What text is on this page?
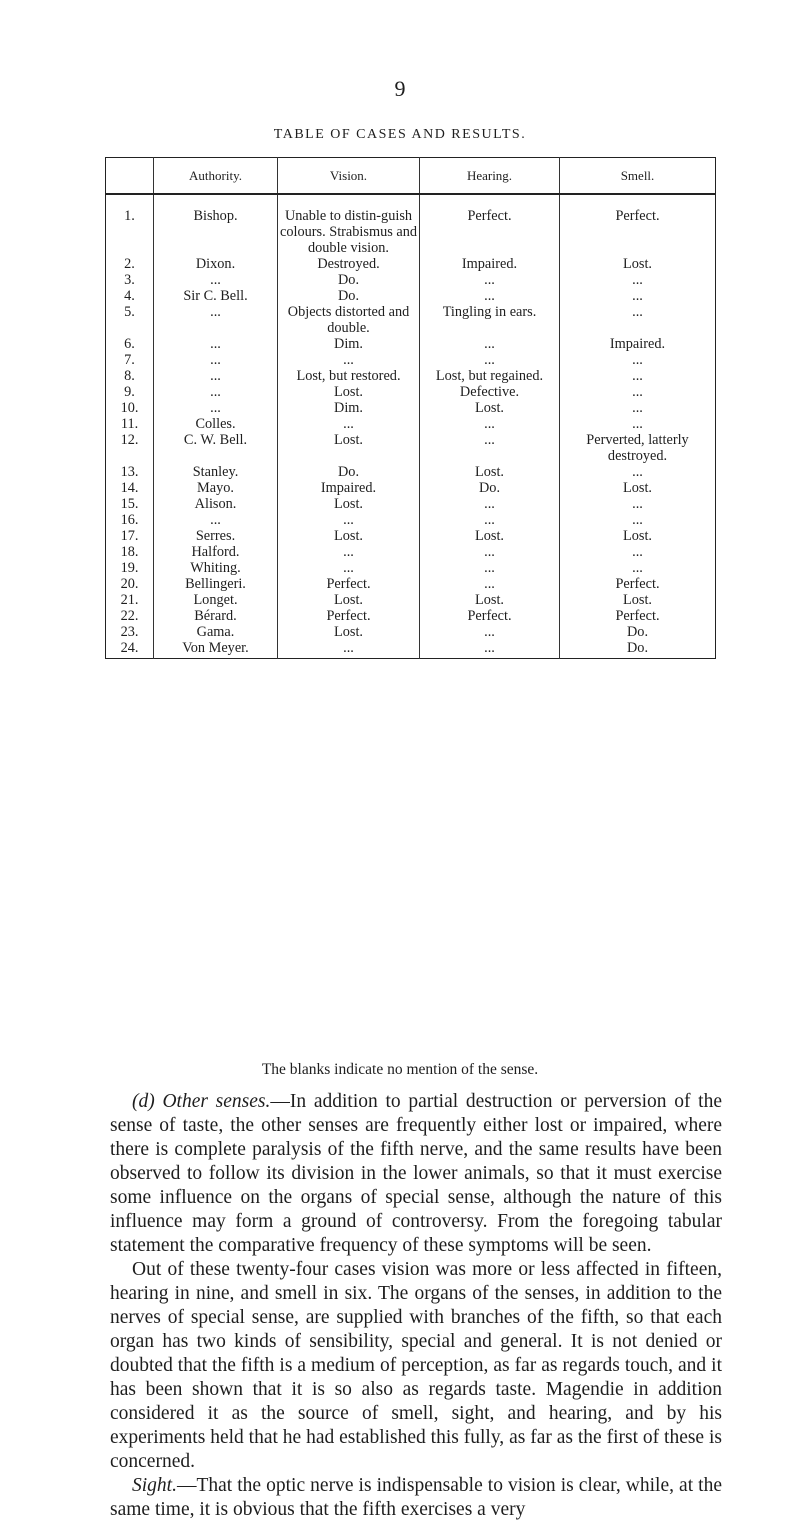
9
TABLE OF CASES AND RESULTS.
	Authority.	Vision.	Hearing.	Smell.
1.	Bishop.	Unable to distin-guish colours. Strabismus and double vision.	Perfect.	Perfect.
2.	Dixon.	Destroyed.	Impaired.	Lost.
3.	...	Do.	...	...
4.	Sir C. Bell.	Do.	...	...
5.	...	Objects distorted and double.	Tingling in ears.	...
6.	...	Dim.	...	Impaired.
7.	...	...	...	...
8.	...	Lost, but restored.	Lost, but regained.	...
9.	...	Lost.	Defective.	...
10.	...	Dim.	Lost.	...
11.	Colles.	...	...	...
12.	C. W. Bell.	Lost.	...	Perverted, latterly destroyed.
13.	Stanley.	Do.	Lost.	...
14.	Mayo.	Impaired.	Do.	Lost.
15.	Alison.	Lost.	...	...
16.	...	...	...	...
17.	Serres.	Lost.	Lost.	Lost.
18.	Halford.	...	...	...
19.	Whiting.	...	...	...
20.	Bellingeri.	Perfect.	...	Perfect.
21.	Longet.	Lost.	Lost.	Lost.
22.	Bérard.	Perfect.	Perfect.	Perfect.
23.	Gama.	Lost.	...	Do.
24.	Von Meyer.	...	...	Do.
The blanks indicate no mention of the sense.

(d) Other senses.—In addition to partial destruction or perversion of the sense of taste, the other senses are frequently either lost or impaired, where there is complete paralysis of the fifth nerve, and the same results have been observed to follow its division in the lower animals, so that it must exercise some influence on the organs of special sense, although the nature of this influence may form a ground of controversy. From the foregoing tabular statement the comparative frequency of these symptoms will be seen.

Out of these twenty-four cases vision was more or less affected in fifteen, hearing in nine, and smell in six. The organs of the senses, in addition to the nerves of special sense, are supplied with branches of the fifth, so that each organ has two kinds of sensibility, special and general. It is not denied or doubted that the fifth is a medium of perception, as far as regards touch, and it has been shown that it is so also as regards taste. Magendie in addition considered it as the source of smell, sight, and hearing, and by his experiments held that he had established this fully, as far as the first of these is concerned.

Sight.—That the optic nerve is indispensable to vision is clear, while, at the same time, it is obvious that the fifth exercises a very
